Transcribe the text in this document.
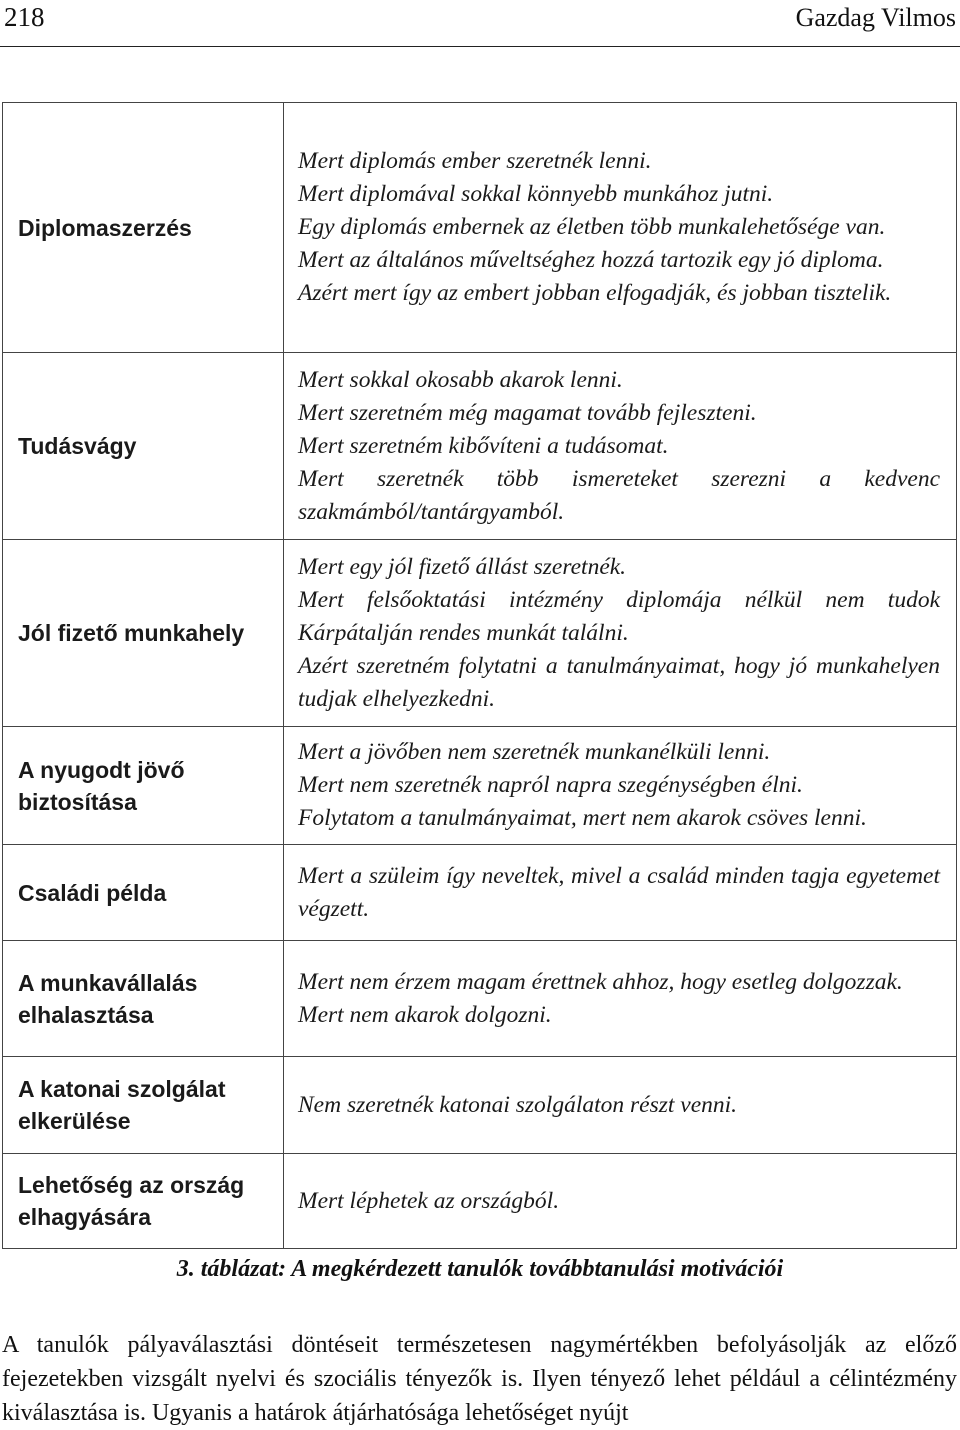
218	Gazdag Vilmos
Diplomaszerzés	Mert diplomás ember szeretnék lenni.
Mert diplomával sokkal könnyebb munkához jutni.
Egy diplomás embernek az életben több munkalehetősége van.
Mert az általános műveltséghez hozzá tartozik egy jó diploma.
Azért mert így az embert jobban elfogadják, és jobban tisztelik.

Tudásvágy	Mert sokkal okosabb akarok lenni.
Mert szeretném még magamat tovább fejleszteni.
Mert szeretném kibővíteni a tudásomat.
Mert szeretnék több ismereteket szerezni a kedvenc szakmámból/tantárgyamból.

Jól fizető munkahely	Mert egy jól fizető állást szeretnék.
Mert felsőoktatási intézmény diplomája nélkül nem tudok Kárpátalján rendes munkát találni.
Azért szeretném folytatni a tanulmányaimat, hogy jó munkahelyen tudjak elhelyezkedni.

A nyugodt jövő biztosítása	Mert a jövőben nem szeretnék munkanélküli lenni.
Mert nem szeretnék napról napra szegénységben élni.
Folytatom a tanulmányaimat, mert nem akarok csöves lenni.

Családi példa	Mert a szüleim így neveltek, mivel a család minden tagja egyetemet végzett.

A munkavállalás elhalasztása	Mert nem érzem magam érettnek ahhoz, hogy esetleg dolgozzak.
Mert nem akarok dolgozni.

A katonai szolgálat elkerülése	Nem szeretnék katonai szolgálaton részt venni.

Lehetőség az ország elhagyására	Mert léphetek az országból.
3. táblázat: A megkérdezett tanulók továbbtanulási motivációi
A tanulók pályaválasztási döntéseit természetesen nagymértékben befolyásolják az előző fejezetekben vizsgált nyelvi és szociális tényezők is. Ilyen tényező lehet például a célintézmény kiválasztása is. Ugyanis a határok átjárhatósága lehetőséget nyújt
